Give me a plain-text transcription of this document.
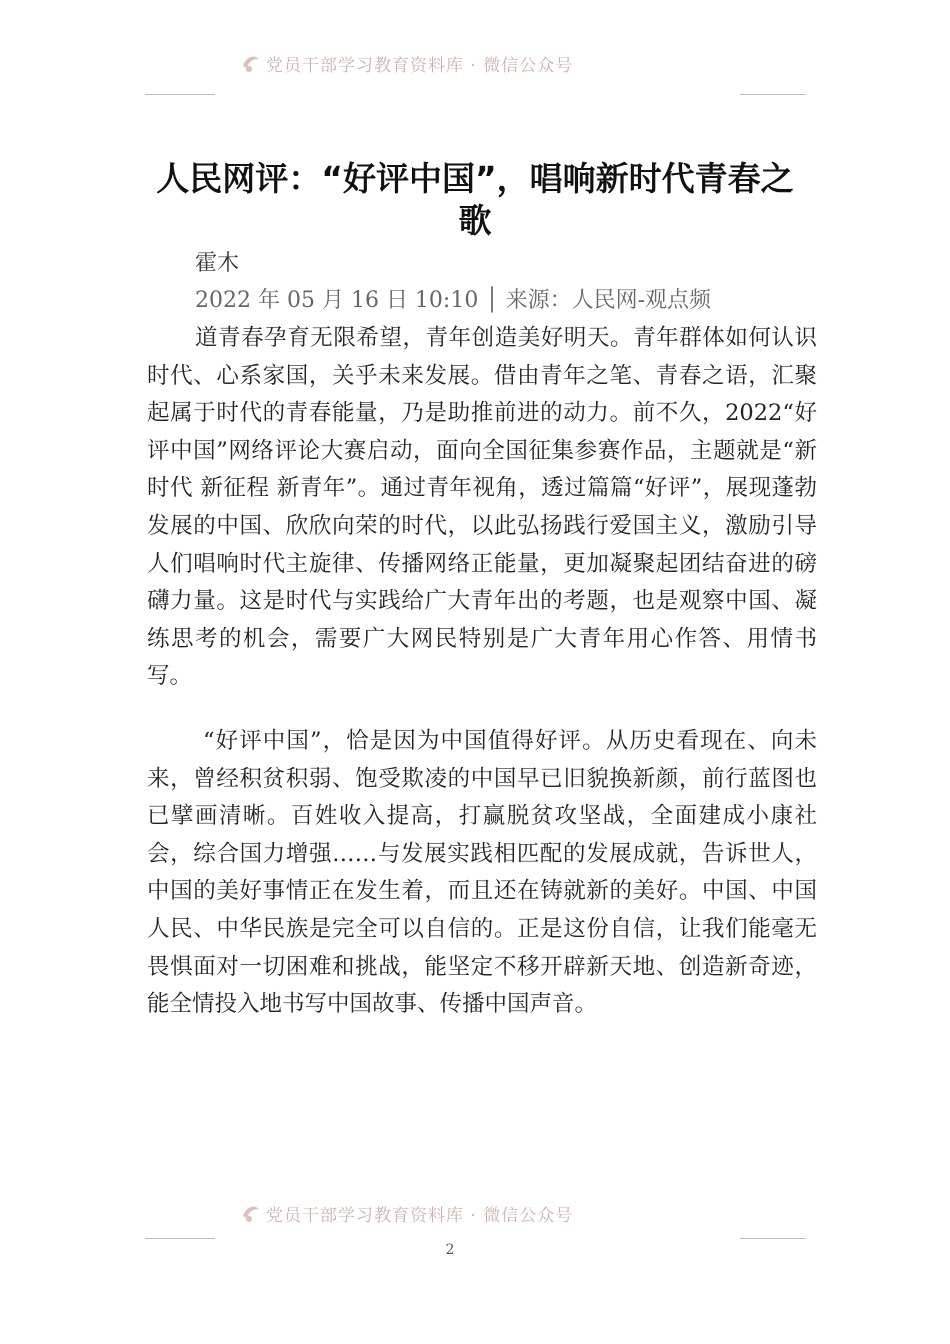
党员干部学习教育资料库 · 微信公众号
人民网评：“好评中国”，唱响新时代青春之歌
霍木
2022 年 05 月 16 日 10:10 │ 来源：人民网-观点频
道青春孕育无限希望，青年创造美好明天。青年群体如何认识时代、心系家国，关乎未来发展。借由青年之笔、青春之语，汇聚起属于时代的青春能量，乃是助推前进的动力。前不久，2022“好评中国”网络评论大赛启动，面向全国征集参赛作品，主题就是“新时代 新征程 新青年”。通过青年视角，透过篇篇“好评”，展现蓬勃发展的中国、欣欣向荣的时代，以此弘扬践行爱国主义，激励引导人们唱响时代主旋律、传播网络正能量，更加凝聚起团结奋进的磅礴力量。这是时代与实践给广大青年出的考题，也是观察中国、凝练思考的机会，需要广大网民特别是广大青年用心作答、用情书写。
“好评中国”，恰是因为中国值得好评。从历史看现在、向未来，曾经积贫积弱、饱受欺凌的中国早已旧貌换新颜，前行蓝图也已擘画清晰。百姓收入提高，打赢脱贫攻坚战，全面建成小康社会，综合国力增强……与发展实践相匹配的发展成就，告诉世人，中国的美好事情正在发生着，而且还在铸就新的美好。中国、中国人民、中华民族是完全可以自信的。正是这份自信，让我们能毫无畏惧面对一切困难和挑战，能坚定不移开辟新天地、创造新奇迹，能全情投入地书写中国故事、传播中国声音。
党员干部学习教育资料库 · 微信公众号
2
